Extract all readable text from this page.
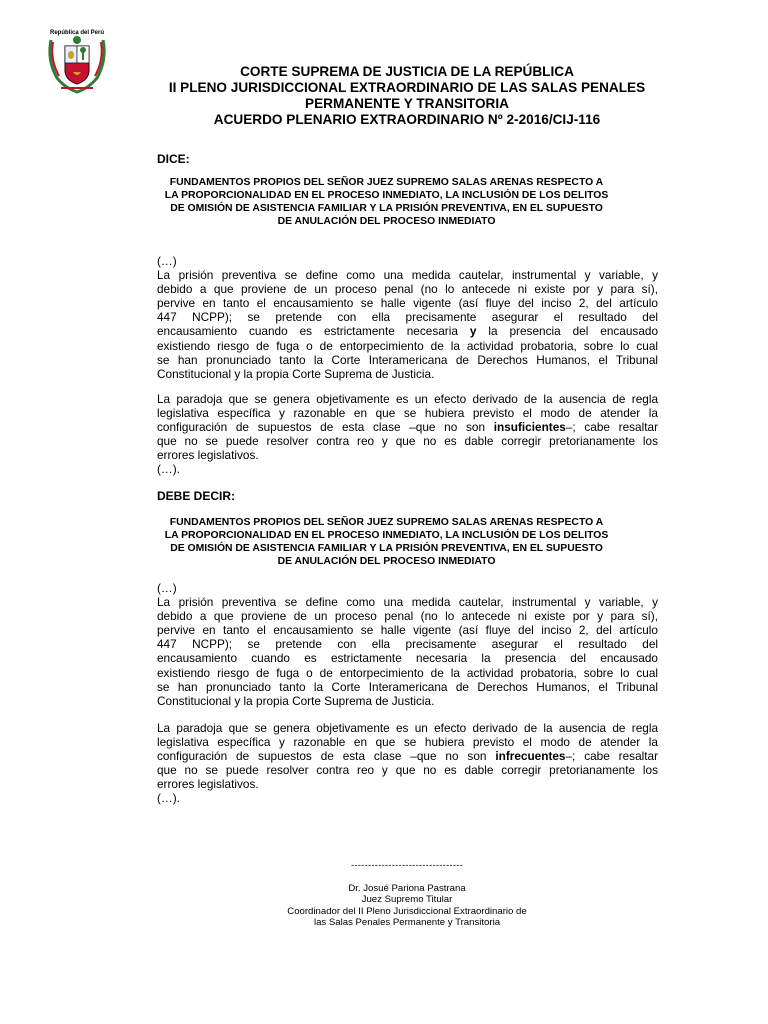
República del Perú
CORTE SUPREMA DE JUSTICIA DE LA REPÚBLICA
II PLENO JURISDICCIONAL EXTRAORDINARIO DE LAS SALAS PENALES
PERMANENTE Y TRANSITORIA
ACUERDO PLENARIO EXTRAORDINARIO Nº 2-2016/CIJ-116
DICE:
FUNDAMENTOS PROPIOS DEL SEÑOR JUEZ SUPREMO SALAS ARENAS RESPECTO A
LA PROPORCIONALIDAD EN EL PROCESO INMEDIATO, LA INCLUSIÓN DE LOS DELITOS
DE OMISIÓN DE ASISTENCIA FAMILIAR Y LA PRISIÓN PREVENTIVA, EN EL SUPUESTO
DE ANULACIÓN DEL PROCESO INMEDIATO
(…)
La prisión preventiva se define como una medida cautelar, instrumental y variable, y
debido a que proviene de un proceso penal (no lo antecede ni existe por y para sí),
pervive en tanto el encausamiento se halle vigente (así fluye del inciso 2, del artículo
447 NCPP); se pretende con ella precisamente asegurar el resultado del
encausamiento cuando es estrictamente necesaria y la presencia del encausado
existiendo riesgo de fuga o de entorpecimiento de la actividad probatoria, sobre lo cual
se han pronunciado tanto la Corte Interamericana de Derechos Humanos, el Tribunal
Constitucional y la propia Corte Suprema de Justicia.
La paradoja que se genera objetivamente es un efecto derivado de la ausencia de regla
legislativa específica y razonable en que se hubiera previsto el modo de atender la
configuración de supuestos de esta clase –que no son insuficientes–; cabe resaltar
que no se puede resolver contra reo y que no es dable corregir pretorianamente los
errores legislativos.
(…).
DEBE DECIR:
FUNDAMENTOS PROPIOS DEL SEÑOR JUEZ SUPREMO SALAS ARENAS RESPECTO A
LA PROPORCIONALIDAD EN EL PROCESO INMEDIATO, LA INCLUSIÓN DE LOS DELITOS
DE OMISIÓN DE ASISTENCIA FAMILIAR Y LA PRISIÓN PREVENTIVA, EN EL SUPUESTO
DE ANULACIÓN DEL PROCESO INMEDIATO
(…)
La prisión preventiva se define como una medida cautelar, instrumental y variable, y
debido a que proviene de un proceso penal (no lo antecede ni existe por y para sí),
pervive en tanto el encausamiento se halle vigente (así fluye del inciso 2, del artículo
447 NCPP); se pretende con ella precisamente asegurar el resultado del
encausamiento cuando es estrictamente necesaria la presencia del encausado
existiendo riesgo de fuga o de entorpecimiento de la actividad probatoria, sobre lo cual
se han pronunciado tanto la Corte Interamericana de Derechos Humanos, el Tribunal
Constitucional y la propia Corte Suprema de Justicia.
La paradoja que se genera objetivamente es un efecto derivado de la ausencia de regla
legislativa específica y razonable en que se hubiera previsto el modo de atender la
configuración de supuestos de esta clase –que no son infrecuentes–; cabe resaltar
que no se puede resolver contra reo y que no es dable corregir pretorianamente los
errores legislativos.
(…).
---------------------------------
Dr. Josué Pariona Pastrana
Juez Supremo Titular
Coordinador del II Pleno Jurisdiccional Extraordinario de
las Salas Penales Permanente y Transitoria
